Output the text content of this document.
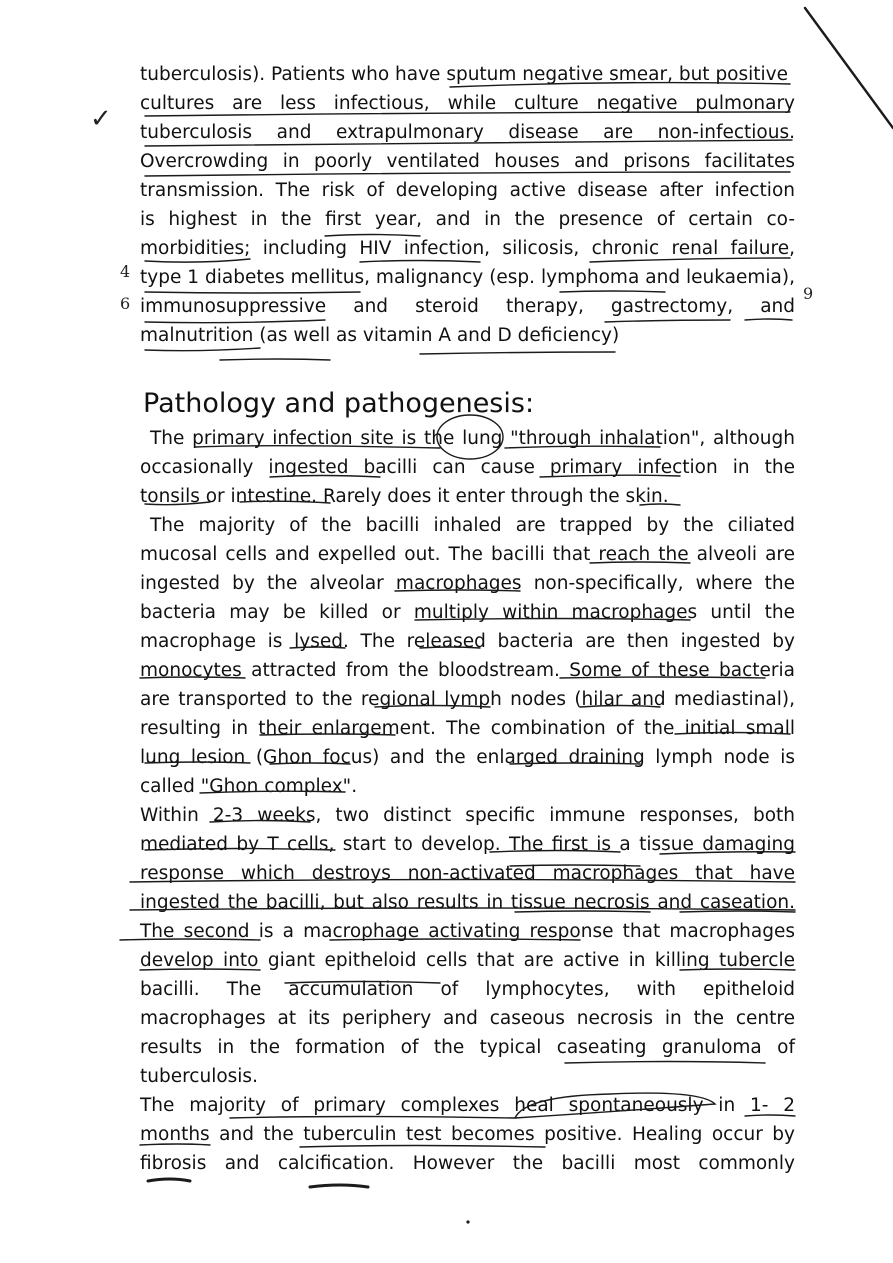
tuberculosis). Patients who have sputum negative smear, but positive
cultures are less infectious, while culture negative pulmonary
tuberculosis and extrapulmonary disease are non-infectious.
Overcrowding in poorly ventilated houses and prisons facilitates
transmission. The risk of developing active disease after infection
is highest in the first year, and in the presence of certain co-
morbidities; including HIV infection, silicosis, chronic renal failure,
type 1 diabetes mellitus, malignancy (esp. lymphoma and leukaemia),
immunosuppressive and steroid therapy, gastrectomy, and
malnutrition (as well as vitamin A and D deficiency)
Pathology and pathogenesis:
The primary infection site is the lung "through inhalation", although
occasionally ingested bacilli can cause primary infection in the
tonsils or intestine. Rarely does it enter through the skin.
The majority of the bacilli inhaled are trapped by the ciliated
mucosal cells and expelled out. The bacilli that reach the alveoli are
ingested by the alveolar macrophages non-specifically, where the
bacteria may be killed or multiply within macrophages until the
macrophage is lysed. The released bacteria are then ingested by
monocytes attracted from the bloodstream. Some of these bacteria
are transported to the regional lymph nodes (hilar and mediastinal),
resulting in their enlargement. The combination of the initial small
lung lesion (Ghon focus) and the enlarged draining lymph node is
called "Ghon complex".
Within 2-3 weeks, two distinct specific immune responses, both
mediated by T cells, start to develop. The first is a tissue damaging
response which destroys non-activated macrophages that have
ingested the bacilli, but also results in tissue necrosis and caseation.
The second is a macrophage activating response that macrophages
develop into giant epitheloid cells that are active in killing tubercle
bacilli. The accumulation of lymphocytes, with epitheloid
macrophages at its periphery and caseous necrosis in the centre
results in the formation of the typical caseating granuloma of
tuberculosis.
The majority of primary complexes heal spontaneously in 1- 2
months and the tuberculin test becomes positive. Healing occur by
fibrosis and calcification. However the bacilli most commonly
✓
4
6
9
